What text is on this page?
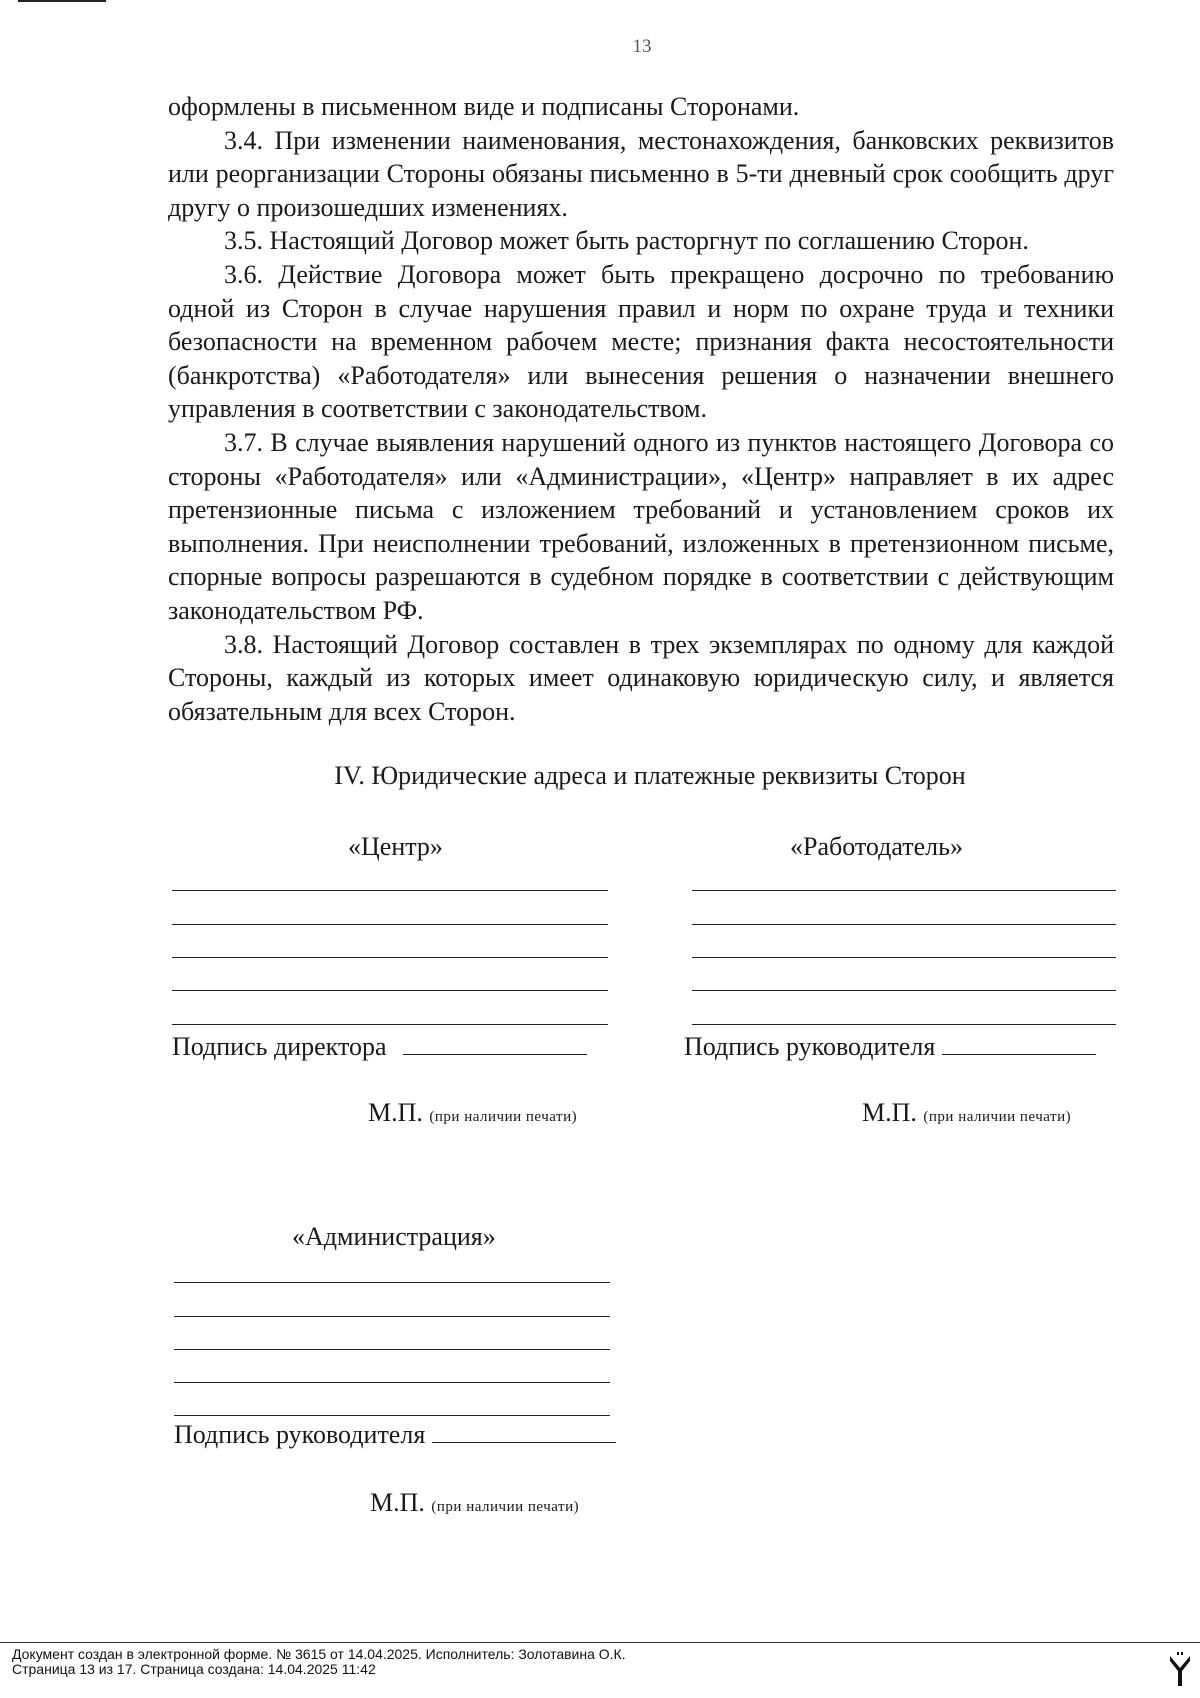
13

оформлены в письменном виде и подписаны Сторонами.

3.4. При изменении наименования, местонахождения, банковских реквизитов или реорганизации Стороны обязаны письменно в 5-ти дневный срок сообщить друг другу о произошедших изменениях.

3.5. Настоящий Договор может быть расторгнут по соглашению Сторон.

3.6. Действие Договора может быть прекращено досрочно по требованию одной из Сторон в случае нарушения правил и норм по охране труда и техники безопасности на временном рабочем месте; признания факта несостоятельности (банкротства) «Работодателя» или вынесения решения о назначении внешнего управления в соответствии с законодательством.

3.7. В случае выявления нарушений одного из пунктов настоящего Договора со стороны «Работодателя» или «Администрации», «Центр» направляет в их адрес претензионные письма с изложением требований и установлением сроков их выполнения. При неисполнении требований, изложенных в претензионном письме, спорные вопросы разрешаются в судебном порядке в соответствии с действующим законодательством РФ.

3.8. Настоящий Договор составлен в трех экземплярах по одному для каждой Стороны, каждый из которых имеет одинаковую юридическую силу, и является обязательным для всех Сторон.

IV. Юридические адреса и платежные реквизиты Сторон
«Центр»
Подпись директора
М.П. (при наличии печати)
«Работодатель»
Подпись руководителя
М.П. (при наличии печати)
«Администрация»
Подпись руководителя
М.П. (при наличии печати)
Документ создан в электронной форме. № 3615 от 14.04.2025. Исполнитель: Золотавина О.К.
Страница 13 из 17. Страница создана: 14.04.2025 11:42
